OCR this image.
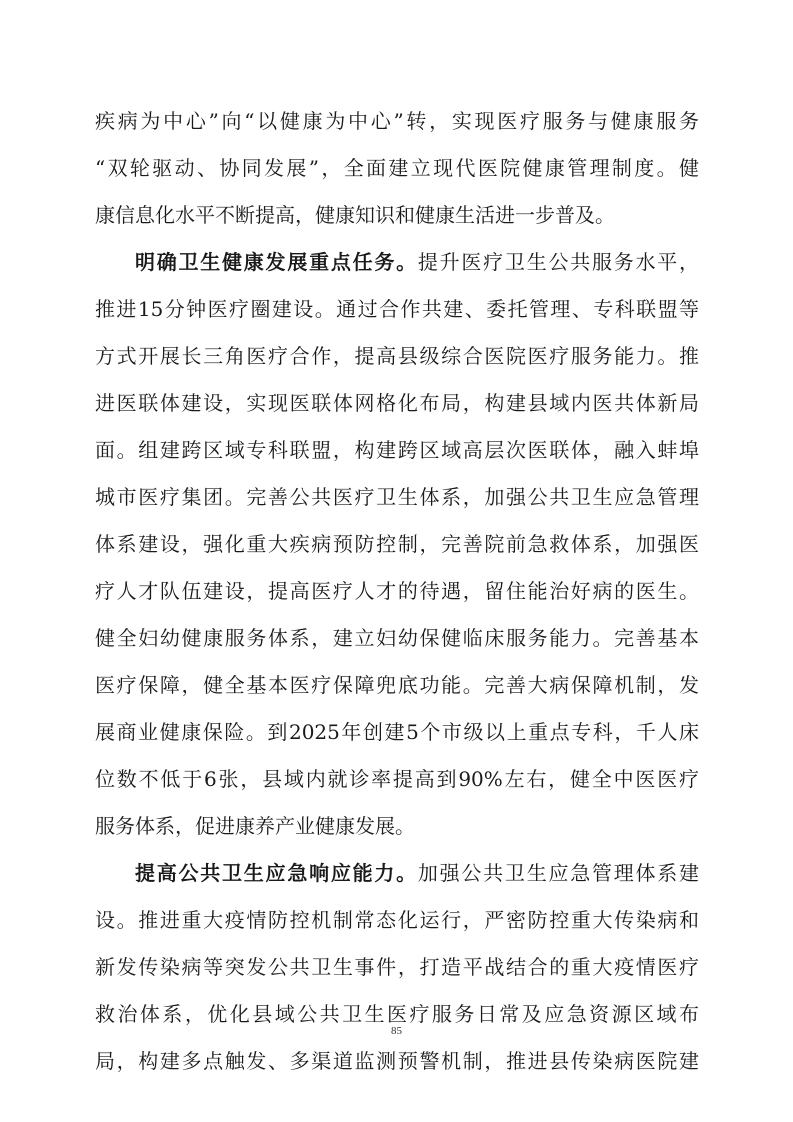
疾病为中心”向“以健康为中心”转，实现医疗服务与健康服务
“双轮驱动、协同发展”，全面建立现代医院健康管理制度。健
康信息化水平不断提高，健康知识和健康生活进一步普及。
明确卫生健康发展重点任务。提升医疗卫生公共服务水平，
推进15分钟医疗圈建设。通过合作共建、委托管理、专科联盟等
方式开展长三角医疗合作，提高县级综合医院医疗服务能力。推
进医联体建设，实现医联体网格化布局，构建县域内医共体新局
面。组建跨区域专科联盟，构建跨区域高层次医联体，融入蚌埠
城市医疗集团。完善公共医疗卫生体系，加强公共卫生应急管理
体系建设，强化重大疾病预防控制，完善院前急救体系，加强医
疗人才队伍建设，提高医疗人才的待遇，留住能治好病的医生。
健全妇幼健康服务体系，建立妇幼保健临床服务能力。完善基本
医疗保障，健全基本医疗保障兜底功能。完善大病保障机制，发
展商业健康保险。到2025年创建5个市级以上重点专科，千人床
位数不低于6张，县域内就诊率提高到90%左右，健全中医医疗
服务体系，促进康养产业健康发展。
提高公共卫生应急响应能力。加强公共卫生应急管理体系建
设。推进重大疫情防控机制常态化运行，严密防控重大传染病和
新发传染病等突发公共卫生事件，打造平战结合的重大疫情医疗
救治体系，优化县域公共卫生医疗服务日常及应急资源区域布
局，构建多点触发、多渠道监测预警机制，推进县传染病医院建
85
